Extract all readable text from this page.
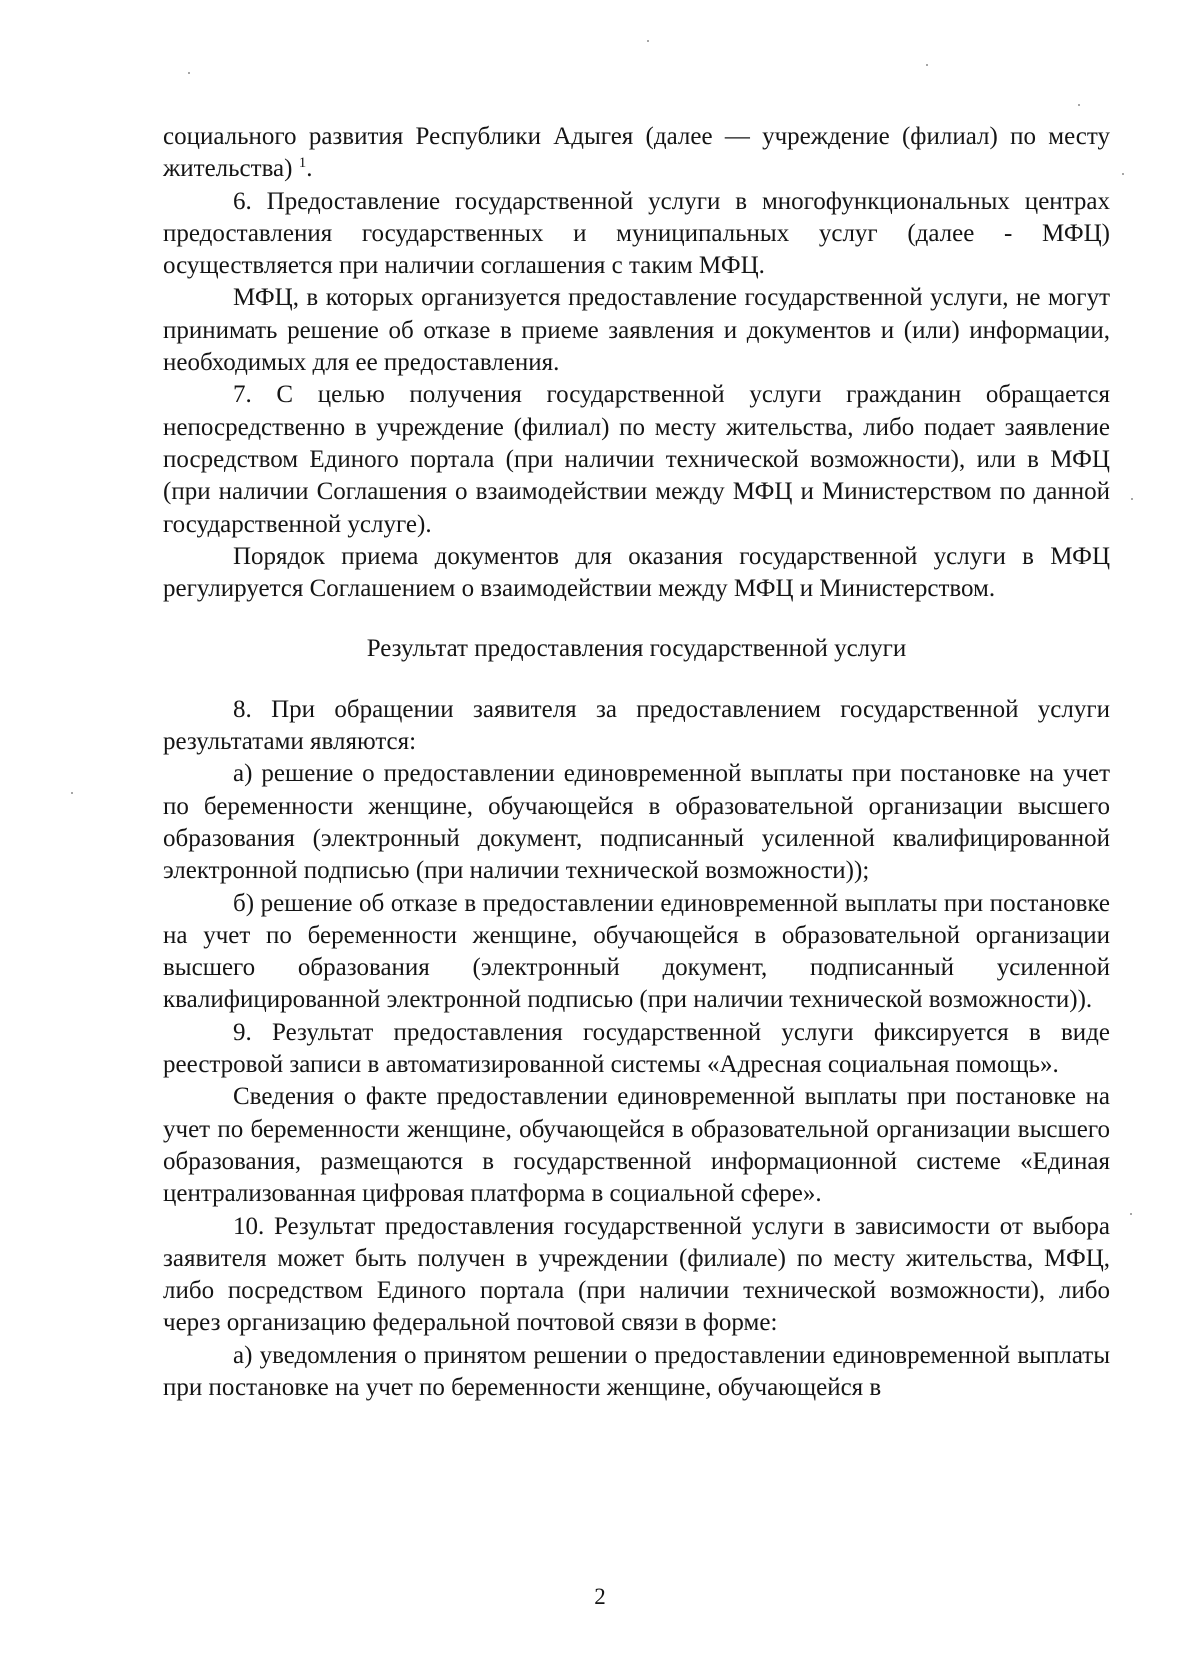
социального развития Республики Адыгея (далее — учреждение (филиал) по месту жительства) $^1$.

6. Предоставление государственной услуги в многофункциональных центрах предоставления государственных и муниципальных услуг (далее - МФЦ) осуществляется при наличии соглашения с таким МФЦ.

МФЦ, в которых организуется предоставление государственной услуги, не могут принимать решение об отказе в приеме заявления и документов и (или) информации, необходимых для ее предоставления.

7. С целью получения государственной услуги гражданин обращается непосредственно в учреждение (филиал) по месту жительства, либо подает заявление посредством Единого портала (при наличии технической возможности), или в МФЦ (при наличии Соглашения о взаимодействии между МФЦ и Министерством по данной государственной услуге).

Порядок приема документов для оказания государственной услуги в МФЦ регулируется Соглашением о взаимодействии между МФЦ и Министерством.

Результат предоставления государственной услуги

8. При обращении заявителя за предоставлением государственной услуги результатами являются:

а) решение о предоставлении единовременной выплаты при постановке на учет по беременности женщине, обучающейся в образовательной организации высшего образования (электронный документ, подписанный усиленной квалифицированной электронной подписью (при наличии технической возможности));

б) решение об отказе в предоставлении единовременной выплаты при постановке на учет по беременности женщине, обучающейся в образовательной организации высшего образования (электронный документ, подписанный усиленной квалифицированной электронной подписью (при наличии технической возможности)).

9. Результат предоставления государственной услуги фиксируется в виде реестровой записи в автоматизированной системы «Адресная социальная помощь».

Сведения о факте предоставлении единовременной выплаты при постановке на учет по беременности женщине, обучающейся в образовательной организации высшего образования, размещаются в государственной информационной системе «Единая централизованная цифровая платформа в социальной сфере».

10. Результат предоставления государственной услуги в зависимости от выбора заявителя может быть получен в учреждении (филиале) по месту жительства, МФЦ, либо посредством Единого портала (при наличии технической возможности), либо через организацию федеральной почтовой связи в форме:

а) уведомления о принятом решении о предоставлении единовременной выплаты при постановке на учет по беременности женщине, обучающейся в

2
